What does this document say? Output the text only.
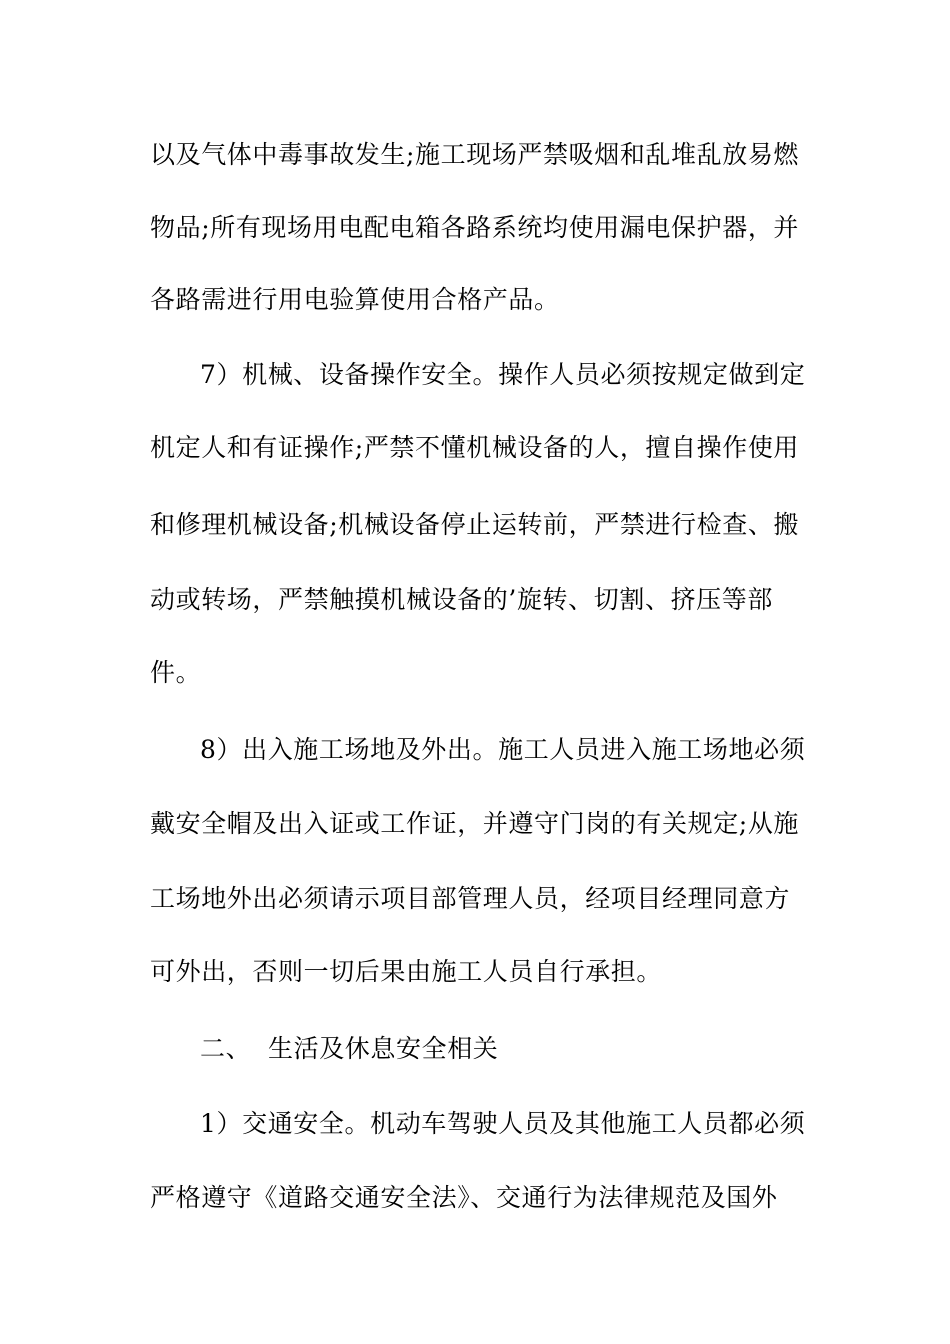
以及气体中毒事故发生;施工现场严禁吸烟和乱堆乱放易燃
物品;所有现场用电配电箱各路系统均使用漏电保护器，并
各路需进行用电验算使用合格产品。
7）机械、设备操作安全。操作人员必须按规定做到定
机定人和有证操作;严禁不懂机械设备的人，擅自操作使用
和修理机械设备;机械设备停止运转前，严禁进行检查、搬
动或转场，严禁触摸机械设备的’旋转、切割、挤压等部
件。
8）出入施工场地及外出。施工人员进入施工场地必须
戴安全帽及出入证或工作证，并遵守门岗的有关规定;从施
工场地外出必须请示项目部管理人员，经项目经理同意方
可外出，否则一切后果由施工人员自行承担。
二、 生活及休息安全相关
1）交通安全。机动车驾驶人员及其他施工人员都必须
严格遵守《道路交通安全法》、交通行为法律规范及国外
